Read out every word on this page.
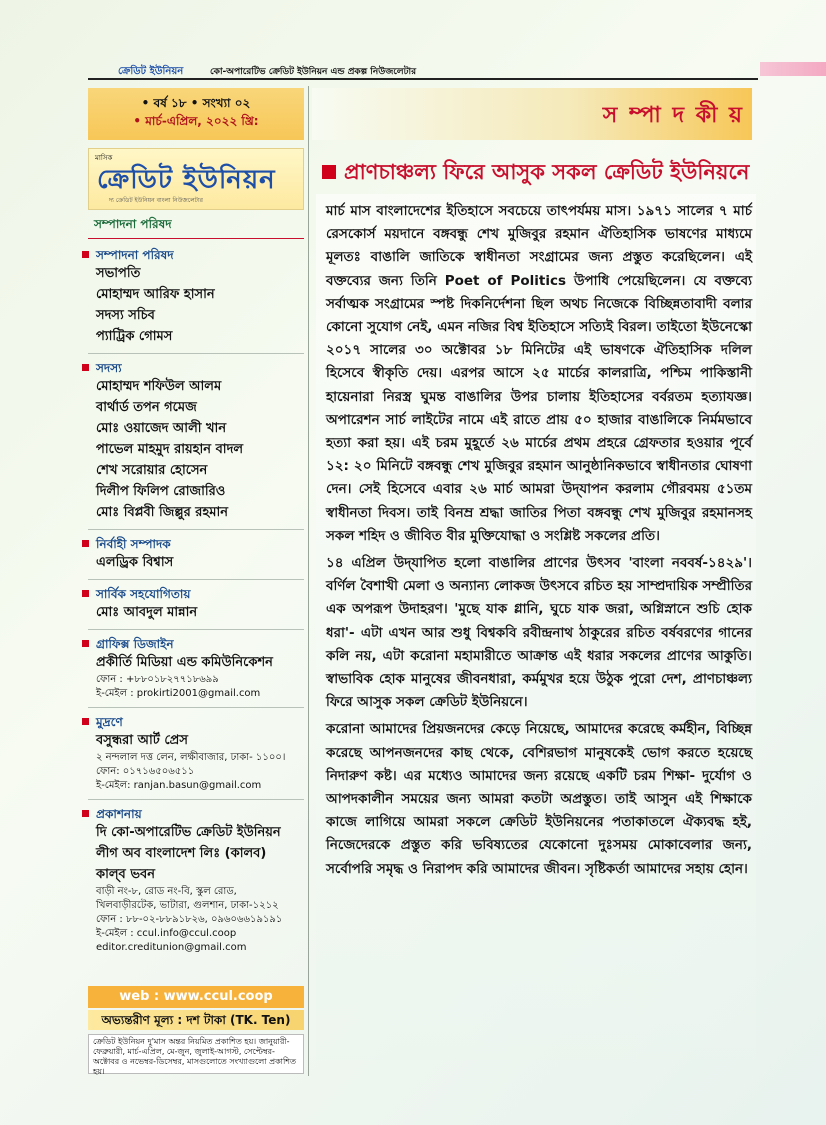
ক্রেডিট ইউনিয়ন	কো-অপারেটিভ ক্রেডিট ইউনিয়ন এন্ড প্রকল্প নিউজলেটার
• বর্ষ ১৮ • সংখ্যা ০২
• মার্চ-এপ্রিল, ২০২২ খ্রি:	স ম্পা দ কী য়
মাসিক
ক্রেডিট ইউনিয়ন
দ্য ক্রেডিট ইউনিয়ন বাংলা নিউজলেটার
সম্পাদনা পরিষদ
সম্পাদনা পরিষদ
সভাপতি
মোহাম্মদ আরিফ হাসান
সদস্য সচিব
প্যাট্রিক গোমস
সদস্য
মোহাম্মদ শফিউল আলম
বার্থার্ড তপন গমেজ
মোঃ ওয়াজেদ আলী খান
পাভেল মাহমুদ রায়হান বাদল
শেখ সরোয়ার হোসেন
দিলীপ ফিলিপ রোজারিও
মোঃ বিপ্লবী জিল্লুর রহমান
নির্বাহী সম্পাদক
এলড্রিক বিশ্বাস
সার্বিক সহযোগিতায়
মোঃ আবদুল মান্নান
গ্রাফিক্স ডিজাইন
প্রকীর্তি মিডিয়া এন্ড কমিউনিকেশন
ফোন : +৮৮০১৮২৭৭১৮৬৯৯
ই-মেইল : prokirti2001@gmail.com
মুদ্রণে
বসুন্ধরা আর্ট প্রেস
২ নন্দলাল দত্ত লেন, লক্ষীবাজার, ঢাকা- ১১০০।
ফোন: ০১৭১৬৫০৬৫১১
ই-মেইল: ranjan.basun@gmail.com
প্রকাশনায়
দি কো-অপারেটিভ ক্রেডিট ইউনিয়ন লীগ অব বাংলাদেশ লিঃ (কালব)
কাল্‌ব ভবন
বাড়ী নং-৮, রোড নং-বি, স্কুল রোড,
খিলবাড়ীরটেক, ভাটারা, গুলশান, ঢাকা-১২১২
ফোন : ৮৮-০২-৮৮৯১৮২৬, ০৯৬০৬৬১৯১৯১
ই-মেইল : ccul.info@ccul.coop
editor.creditunion@gmail.com
web : www.ccul.coop
অভ্যন্তরীণ মূল্য : দশ টাকা (TK. Ten)
ক্রেডিট ইউনিয়ন দু'মাস অন্তর নিয়মিত প্রকাশিত হয়। জানুয়ারী-ফেব্রুয়ারী, মার্চ-এপ্রিল, মে-জুন, জুলাই-আগস্ট, সেপ্টেম্বর-অক্টোবর ও নভেম্বর-ডিসেম্বর, মাসগুলোতে সংখ্যাগুলো প্রকাশিত হয়।
প্রাণচাঞ্চল্য ফিরে আসুক সকল ক্রেডিট ইউনিয়নে

মার্চ মাস বাংলাদেশের ইতিহাসে সবচেয়ে তাৎপর্যময় মাস। ১৯৭১ সালের ৭ মার্চ রেসকোর্স ময়দানে বঙ্গবন্ধু শেখ মুজিবুর রহমান ঐতিহাসিক ভাষণের মাধ্যমে মূলতঃ বাঙালি জাতিকে স্বাধীনতা সংগ্রামের জন্য প্রস্তুত করেছিলেন। এই বক্তব্যের জন্য তিনি Poet of Politics উপাধি পেয়েছিলেন। যে বক্তব্যে সর্বাত্মক সংগ্রামের স্পষ্ট দিকনির্দেশনা ছিল অথচ নিজেকে বিচ্ছিন্নতাবাদী বলার কোনো সুযোগ নেই, এমন নজির বিশ্ব ইতিহাসে সত্যিই বিরল। তাইতো ইউনেস্কো ২০১৭ সালের ৩০ অক্টোবর ১৮ মিনিটের এই ভাষণকে ঐতিহাসিক দলিল হিসেবে স্বীকৃতি দেয়। এরপর আসে ২৫ মার্চের কালরাত্রি, পশ্চিম পাকিস্তানী হায়েনারা নিরস্ত্র ঘুমন্ত বাঙালির উপর চালায় ইতিহাসের বর্বরতম হত্যাযজ্ঞ। অপারেশন সার্চ লাইটের নামে এই রাতে প্রায় ৫০ হাজার বাঙালিকে নির্মমভাবে হত্যা করা হয়। এই চরম মুহূর্তে ২৬ মার্চের প্রথম প্রহরে গ্রেফতার হওয়ার পূর্বে ১২: ২০ মিনিটে বঙ্গবন্ধু শেখ মুজিবুর রহমান আনুষ্ঠানিকভাবে স্বাধীনতার ঘোষণা দেন। সেই হিসেবে এবার ২৬ মার্চ আমরা উদ্‌যাপন করলাম গৌরবময় ৫১তম স্বাধীনতা দিবস। তাই বিনম্র শ্রদ্ধা জাতির পিতা বঙ্গবন্ধু শেখ মুজিবুর রহমানসহ সকল শহিদ ও জীবিত বীর মুক্তিযোদ্ধা ও সংশ্লিষ্ট সকলের প্রতি।

১৪ এপ্রিল উদ্‌যাপিত হলো বাঙালির প্রাণের উৎসব 'বাংলা নববর্ষ-১৪২৯'। বর্ণিল বৈশাখী মেলা ও অন্যান্য লোকজ উৎসবে রচিত হয় সাম্প্রদায়িক সম্প্রীতির এক অপরূপ উদাহরণ। 'মুছে যাক গ্লানি, ঘুচে যাক জরা, অগ্নিস্নানে শুচি হোক ধরা'- এটা এখন আর শুধু বিশ্বকবি রবীন্দ্রনাথ ঠাকুরের রচিত বর্ষবরণের গানের কলি নয়, এটা করোনা মহামারীতে আক্রান্ত এই ধরার সকলের প্রাণের আকুতি। স্বাভাবিক হোক মানুষের জীবনধারা, কর্মমুখর হয়ে উঠুক পুরো দেশ, প্রাণচাঞ্চল্য ফিরে আসুক সকল ক্রেডিট ইউনিয়নে।

করোনা আমাদের প্রিয়জনদের কেড়ে নিয়েছে, আমাদের করেছে কর্মহীন, বিচ্ছিন্ন করেছে আপনজনদের কাছ থেকে, বেশিরভাগ মানুষকেই ভোগ করতে হয়েছে নিদারুণ কষ্ট। এর মধ্যেও আমাদের জন্য রয়েছে একটি চরম শিক্ষা- দুর্যোগ ও আপদকালীন সময়ের জন্য আমরা কতটা অপ্রস্তুত। তাই আসুন এই শিক্ষাকে কাজে লাগিয়ে আমরা সকলে ক্রেডিট ইউনিয়নের পতাকাতলে ঐক্যবদ্ধ হই, নিজেদেরকে প্রস্তুত করি ভবিষ্যতের যেকোনো দুঃসময় মোকাবেলার জন্য, সর্বোপরি সমৃদ্ধ ও নিরাপদ করি আমাদের জীবন। সৃষ্টিকর্তা আমাদের সহায় হোন।
